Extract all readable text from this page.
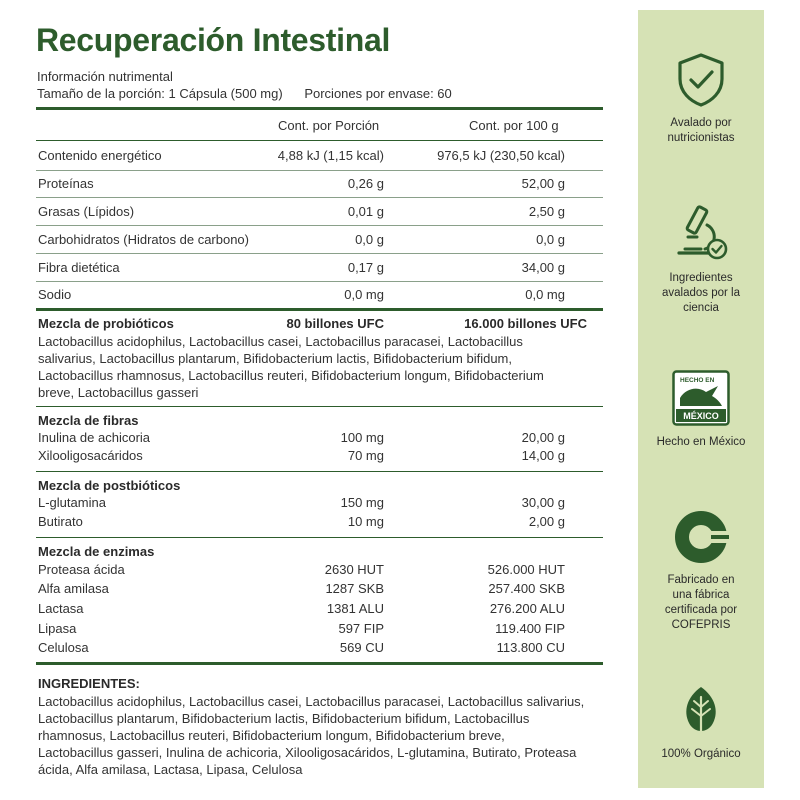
Recuperación Intestinal
Información nutrimental
Tamaño de la porción: 1 Cápsula (500 mg) Porciones por envase: 60
Cont. por Porción	Cont. por 100 g
Contenido energético	4,88 kJ (1,15 kcal)	976,5 kJ (230,50 kcal)
Proteínas	0,26 g	52,00 g
Grasas (Lípidos)	0,01 g	2,50 g
Carbohidratos (Hidratos de carbono)	0,0 g	0,0 g
Fibra dietética	0,17 g	34,00 g
Sodio	0,0 mg	0,0 mg
Mezcla de probióticos	80 billones UFC	16.000 billones UFC
Lactobacillus acidophilus, Lactobacillus casei, Lactobacillus paracasei, Lactobacillus
salivarius, Lactobacillus plantarum, Bifidobacterium lactis, Bifidobacterium bifidum,
Lactobacillus rhamnosus, Lactobacillus reuteri, Bifidobacterium longum, Bifidobacterium
breve, Lactobacillus gasseri
Mezcla de fibras
Inulina de achicoria	100 mg	20,00 g
Xilooligosacáridos	70 mg	14,00 g
Mezcla de postbióticos
L-glutamina	150 mg	30,00 g
Butirato	10 mg	2,00 g
Mezcla de enzimas
Proteasa ácida	2630 HUT	526.000 HUT
Alfa amilasa	1287 SKB	257.400 SKB
Lactasa	1381 ALU	276.200 ALU
Lipasa	597 FIP	119.400 FIP
Celulosa	569 CU	113.800 CU
INGREDIENTES:
Lactobacillus acidophilus, Lactobacillus casei, Lactobacillus paracasei, Lactobacillus salivarius,
Lactobacillus plantarum, Bifidobacterium lactis, Bifidobacterium bifidum, Lactobacillus
rhamnosus, Lactobacillus reuteri, Bifidobacterium longum, Bifidobacterium breve,
Lactobacillus gasseri, Inulina de achicoria, Xilooligosacáridos, L-glutamina, Butirato, Proteasa
ácida, Alfa amilasa, Lactasa, Lipasa, Celulosa
Avalado por
nutricionistas
Ingredientes
avalados por la
ciencia
HECHO EN
MÉXICO
Hecho en México
Fabricado en
una fábrica
certificada por
COFEPRIS
100% Orgánico
